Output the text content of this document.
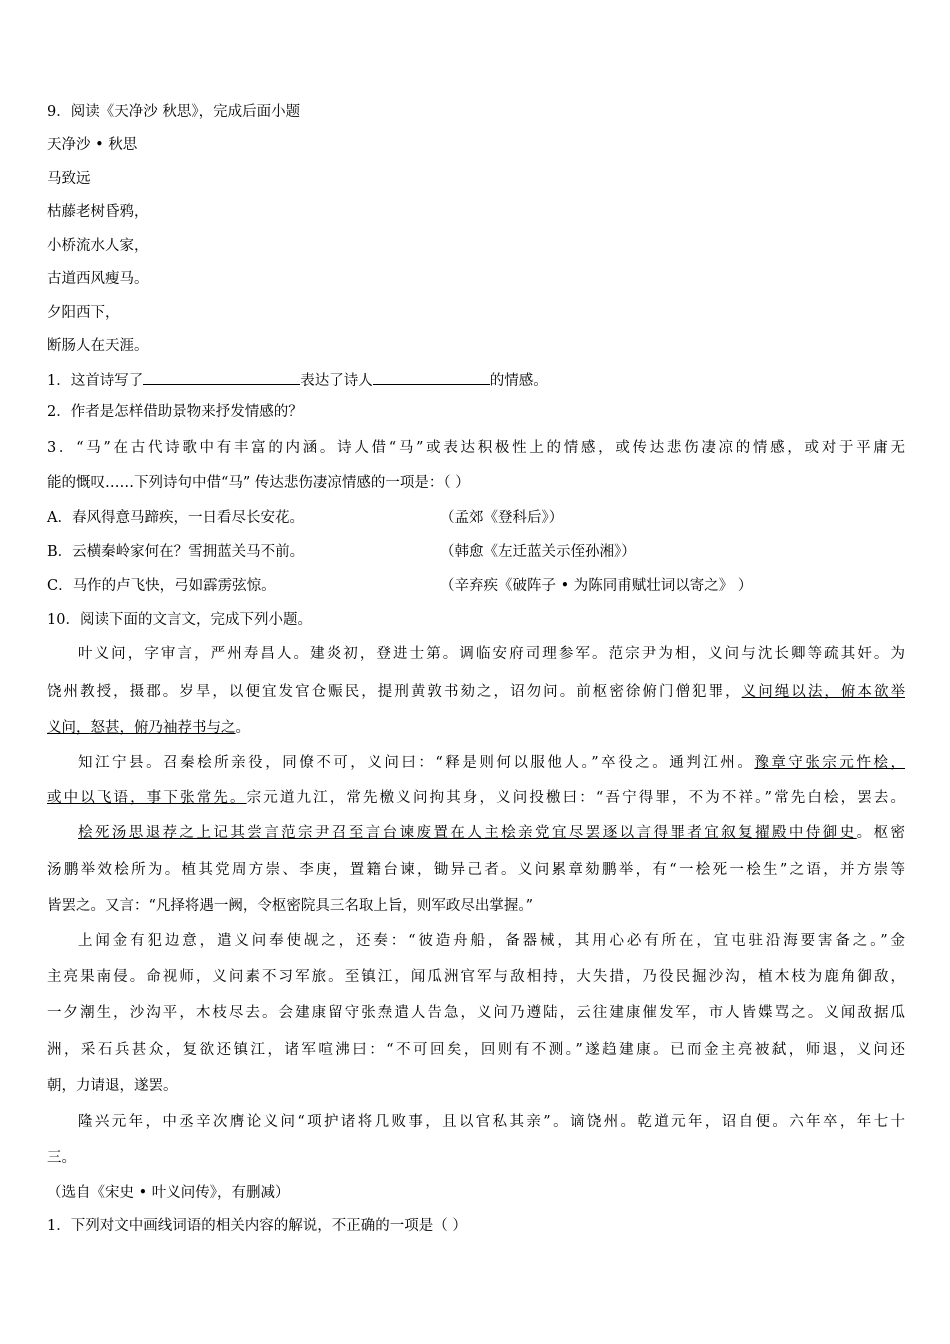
9．阅读《天净沙 秋思》，完成后面小题
天净沙 • 秋思
马致远
枯藤老树昏鸦，
小桥流水人家，
古道西风瘦马。
夕阳西下，
断肠人在天涯。
1．这首诗写了	表达了诗人	的情感。
2．作者是怎样借助景物来抒发情感的？
3．“马”在古代诗歌中有丰富的内涵。诗人借“马”或表达积极性上的情感，或传达悲伤凄凉的情感，或对于平庸无
能的慨叹……下列诗句中借“马” 传达悲伤凄凉情感的一项是：（ ）
A．春风得意马蹄疾，一日看尽长安花。	（孟郊《登科后》）
B．云横秦岭家何在？雪拥蓝关马不前。	（韩愈《左迁蓝关示侄孙湘》）
C．马作的卢飞快，弓如霹雳弦惊。	（辛弃疾《破阵子 • 为陈同甫赋壮词以寄之》 ）
10．阅读下面的文言文，完成下列小题。
叶义问，字审言，严州寿昌人。建炎初，登进士第。调临安府司理参军。范宗尹为相，义问与沈长卿等疏其奸。为
饶州教授，摄郡。岁旱，以便宜发官仓赈民，提刑黄敦书劾之，诏勿问。前枢密徐俯门僧犯罪，义问绳以法，俯本欲举
义问，怒甚，俯乃袖荐书与之。
知江宁县。召秦桧所亲役，同僚不可，义问曰：“释是则何以服他人。”卒役之。通判江州。豫章守张宗元忤桧，
或中以飞语，事下张常先。宗元道九江，常先檄义问拘其身，义问投檄曰：“吾宁得罪，不为不祥。”常先白桧，罢去。
桧死汤思退荐之上记其尝言范宗尹召至言台谏废置在人主桧亲党宜尽罢逐以言得罪者宜叙复擢殿中侍御史。枢密
汤鹏举效桧所为。植其党周方崇、李庚，置籍台谏，锄异己者。义问累章劾鹏举，有“一桧死一桧生”之语，并方崇等
皆罢之。又言：“凡择将遇一阙，令枢密院具三名取上旨，则军政尽出掌握。”
上闻金有犯边意，遣义问奉使觇之，还奏：“彼造舟船，备器械，其用心必有所在，宜屯驻沿海要害备之。”金
主亮果南侵。命视师，义问素不习军旅。至镇江，闻瓜洲官军与敌相持，大失措，乃役民掘沙沟，植木枝为鹿角御敌，
一夕潮生，沙沟平，木枝尽去。会建康留守张焘遣人告急，义问乃遵陆，云往建康催发军，市人皆媟骂之。义闻敌据瓜
洲，采石兵甚众，复欲还镇江，诸军喧沸曰：“不可回矣，回则有不测。”遂趋建康。已而金主亮被弑，师退，义问还
朝，力请退，遂罢。
隆兴元年，中丞辛次膺论义问“项护诸将几败事，且以官私其亲”。谪饶州。乾道元年，诏自便。六年卒，年七十
三。
（选自《宋史 • 叶义问传》，有删减）
1．下列对文中画线词语的相关内容的解说，不正确的一项是（ ）
